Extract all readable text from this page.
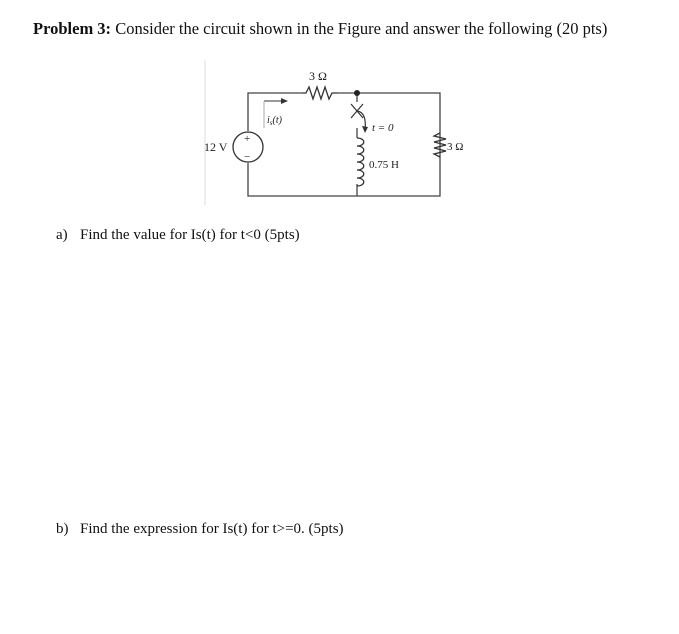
Problem 3: Consider the circuit shown in the Figure and answer the following (20 pts)
3 Ω
$i_s(t)$
+
−
12 V
t = 0
0.75 H
3 Ω
a) Find the value for Is(t) for t<0 (5pts)
b) Find the expression for Is(t) for t>=0. (5pts)
